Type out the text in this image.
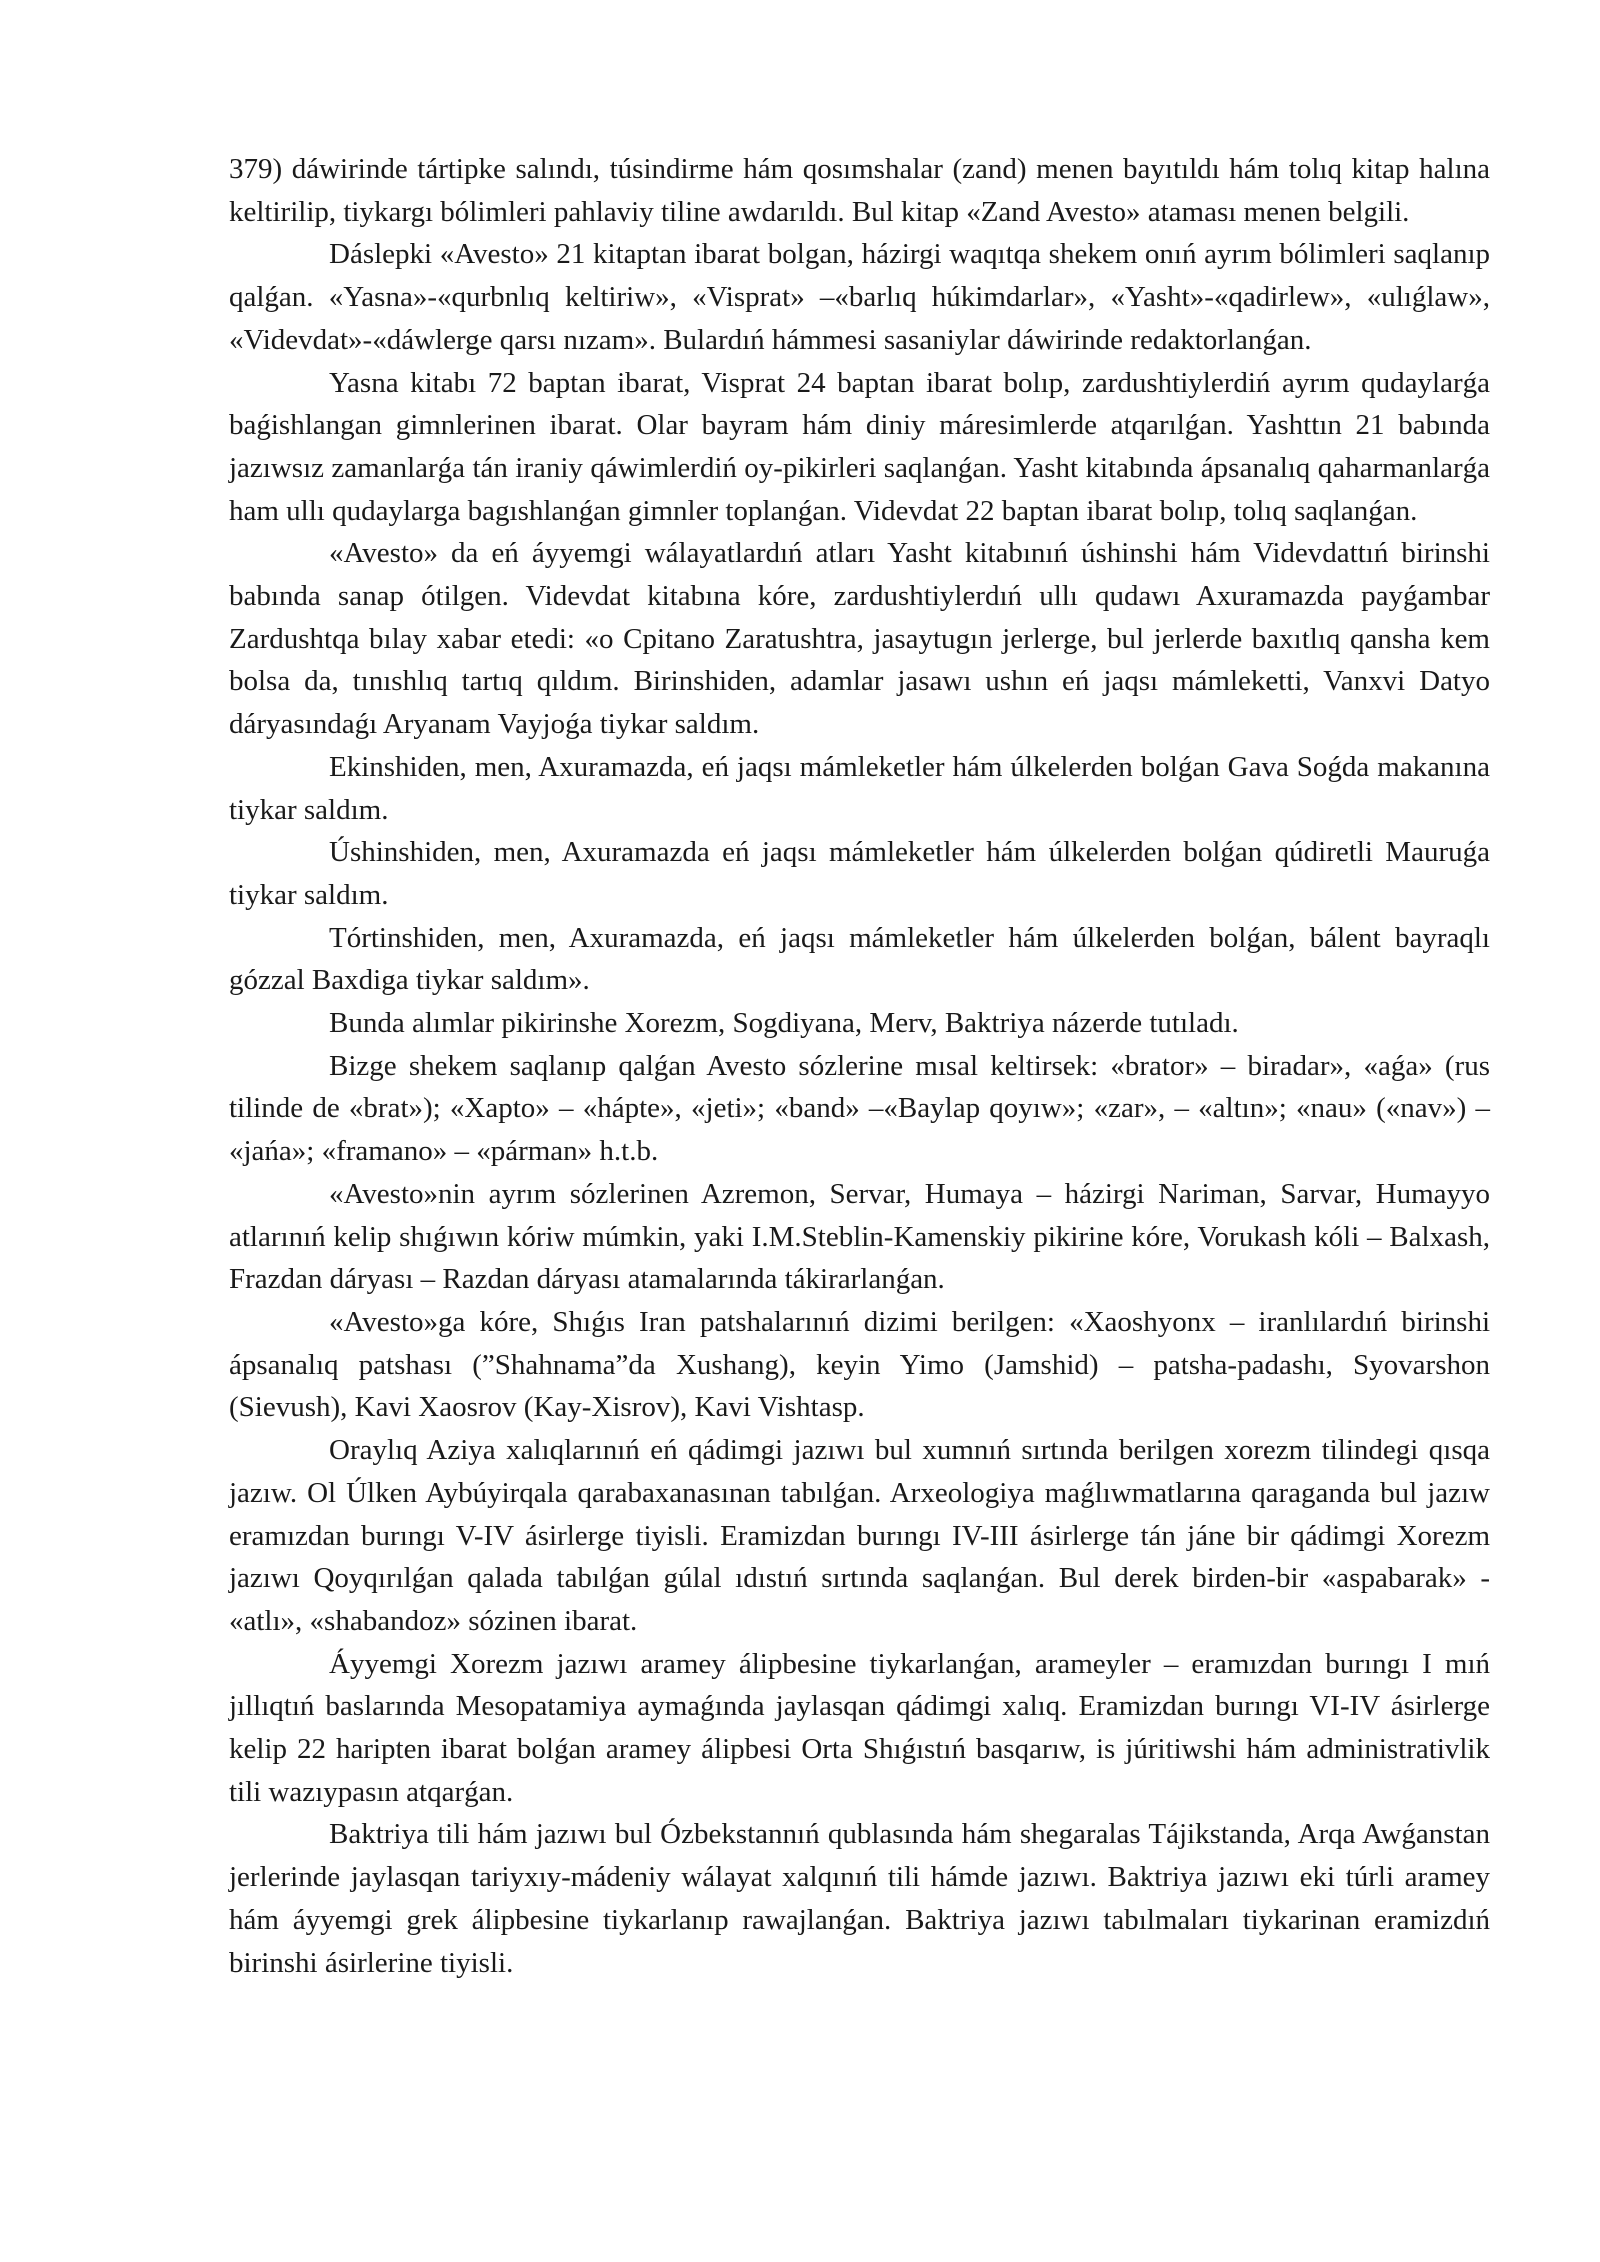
379) dáwirinde tártipke salındı, túsindirme hám qosımshalar (zand) menen bayıtıldı hám tolıq kitap halına keltirilip, tiykargı bólimleri pahlaviy tiline awdarıldı. Bul kitap «Zand Avesto» ataması menen belgili.

Dáslepki «Avesto» 21 kitaptan ibarat bolgan, házirgi waqıtqa shekem onıń ayrım bólimleri saqlanıp qalǵan. «Yasna»-«qurbnlıq keltiriw», «Visprat» –«barlıq húkimdarlar», «Yasht»-«qadirlew», «ulıǵlaw», «Videvdat»-«dáwlerge qarsı nızam». Bulardıń hámmesi sasaniylar dáwirinde redaktorlanǵan.

Yasna kitabı 72 baptan ibarat, Visprat 24 baptan ibarat bolıp, zardushtiylerdiń ayrım qudaylarǵa baǵishlangan gimnlerinen ibarat. Olar bayram hám diniy máresimlerde atqarılǵan. Yashttın 21 babında jazıwsız zamanlarǵa tán iraniy qáwimlerdiń oy-pikirleri saqlanǵan. Yasht kitabında ápsanalıq qaharmanlarǵa ham ullı qudaylarga bagıshlanǵan gimnler toplanǵan. Videvdat 22 baptan ibarat bolıp, tolıq saqlanǵan.

«Avesto» da eń áyyemgi wálayatlardıń atları Yasht kitabınıń úshinshi hám Videvdattıń birinshi babında sanap ótilgen. Videvdat kitabına kóre, zardushtiylerdıń ullı qudawı Axuramazda payǵambar Zardushtqa bılay xabar etedi: «o Cpitano Zaratushtra, jasaytugın jerlerge, bul jerlerde baxıtlıq qansha kem bolsa da, tınıshlıq tartıq qıldım. Birinshiden, adamlar jasawı ushın eń jaqsı mámleketti, Vanxvi Datyo dáryasındaǵı Aryanam Vayjoǵa tiykar saldım.

Ekinshiden, men, Axuramazda, eń jaqsı mámleketler hám úlkelerden bolǵan Gava Soǵda makanına tiykar saldım.

Úshinshiden, men, Axuramazda eń jaqsı mámleketler hám úlkelerden bolǵan qúdiretli Mauruǵa tiykar saldım.

Tórtinshiden, men, Axuramazda, eń jaqsı mámleketler hám úlkelerden bolǵan, bálent bayraqlı gózzal Baxdiga tiykar saldım».

Bunda alımlar pikirinshe Xorezm, Sogdiyana, Merv, Baktriya názerde tutıladı.

Bizge shekem saqlanıp qalǵan Avesto sózlerine mısal keltirsek: «brator» – biradar», «aǵa» (rus tilinde de «brat»); «Xapto» – «hápte», «jeti»; «band» –«Baylap qoyıw»; «zar», – «altın»; «nau» («nav») – «jańa»; «framano» – «párman» h.t.b.

«Avesto»nin ayrım sózlerinen Azremon, Servar, Humaya – házirgi Nariman, Sarvar, Humayyo atlarınıń kelip shıǵıwın kóriw múmkin, yaki I.M.Steblin-Kamenskiy pikirine kóre, Vorukash kóli – Balxash, Frazdan dáryası – Razdan dáryası atamalarında tákirarlanǵan.

«Avesto»ga kóre, Shıǵıs Iran patshalarınıń dizimi berilgen: «Xaoshyonx – iranlılardıń birinshi ápsanalıq patshası (”Shahnama”da Xushang), keyin Yimo (Jamshid) – patsha-padashı, Syovarshon (Sievush), Kavi Xaosrov (Kay-Xisrov), Kavi Vishtasp.

Oraylıq Aziya xalıqlarınıń eń qádimgi jazıwı bul xumnıń sırtında berilgen xorezm tilindegi qısqa jazıw. Ol Úlken Aybúyirqala qarabaxanasınan tabılǵan. Arxeologiya maǵlıwmatlarına qaraganda bul jazıw eramızdan burıngı V-IV ásirlerge tiyisli. Eramizdan burıngı IV-III ásirlerge tán jáne bir qádimgi Xorezm jazıwı Qoyqırılǵan qalada tabılǵan gúlal ıdıstıń sırtında saqlanǵan. Bul derek birden-bir «aspabarak» - «atlı», «shabandoz» sózinen ibarat.

Áyyemgi Xorezm jazıwı aramey álipbesine tiykarlanǵan, arameyler – eramızdan burıngı I mıń jıllıqtıń baslarında Mesopatamiya aymaǵında jaylasqan qádimgi xalıq. Eramizdan burıngı VI-IV ásirlerge kelip 22 haripten ibarat bolǵan aramey álipbesi Orta Shıǵıstıń basqarıw, is júritiwshi hám administrativlik tili wazıypasın atqarǵan.

Baktriya tili hám jazıwı bul Ózbekstannıń qublasında hám shegaralas Tájikstanda, Arqa Awǵanstan jerlerinde jaylasqan tariyxıy-mádeniy wálayat xalqınıń tili hámde jazıwı. Baktriya jazıwı eki túrli aramey hám áyyemgi grek álipbesine tiykarlanıp rawajlanǵan. Baktriya jazıwı tabılmaları tiykarinan eramizdıń birinshi ásirlerine tiyisli.
